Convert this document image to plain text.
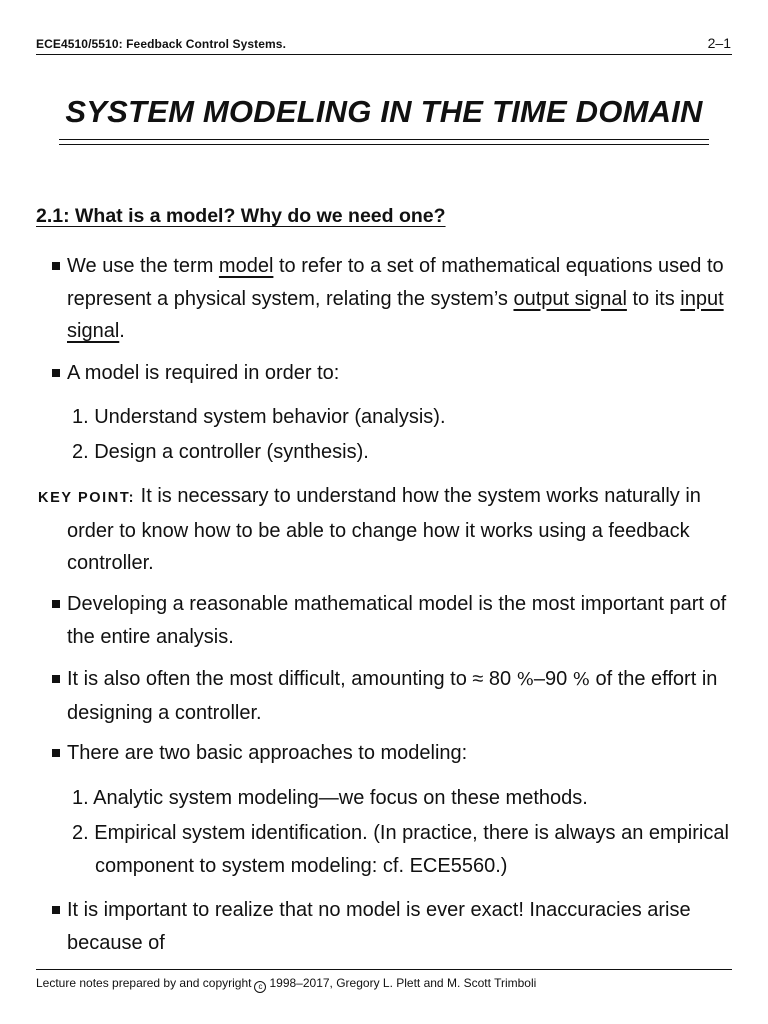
ECE4510/5510: Feedback Control Systems.	2–1
SYSTEM MODELING IN THE TIME DOMAIN
2.1: What is a model? Why do we need one?
We use the term model to refer to a set of mathematical equations used to represent a physical system, relating the system’s output signal to its input signal.
A model is required in order to:
1. Understand system behavior (analysis).
2. Design a controller (synthesis).
KEY POINT: It is necessary to understand how the system works naturally in order to know how to be able to change how it works using a feedback controller.
Developing a reasonable mathematical model is the most important part of the entire analysis.
It is also often the most difficult, amounting to ≈ 80 %–90 % of the effort in designing a controller.
There are two basic approaches to modeling:
1. Analytic system modeling—we focus on these methods.
2. Empirical system identification. (In practice, there is always an empirical component to system modeling: cf. ECE5560.)
It is important to realize that no model is ever exact! Inaccuracies arise because of
Lecture notes prepared by and copyright c 1998–2017, Gregory L. Plett and M. Scott Trimboli
